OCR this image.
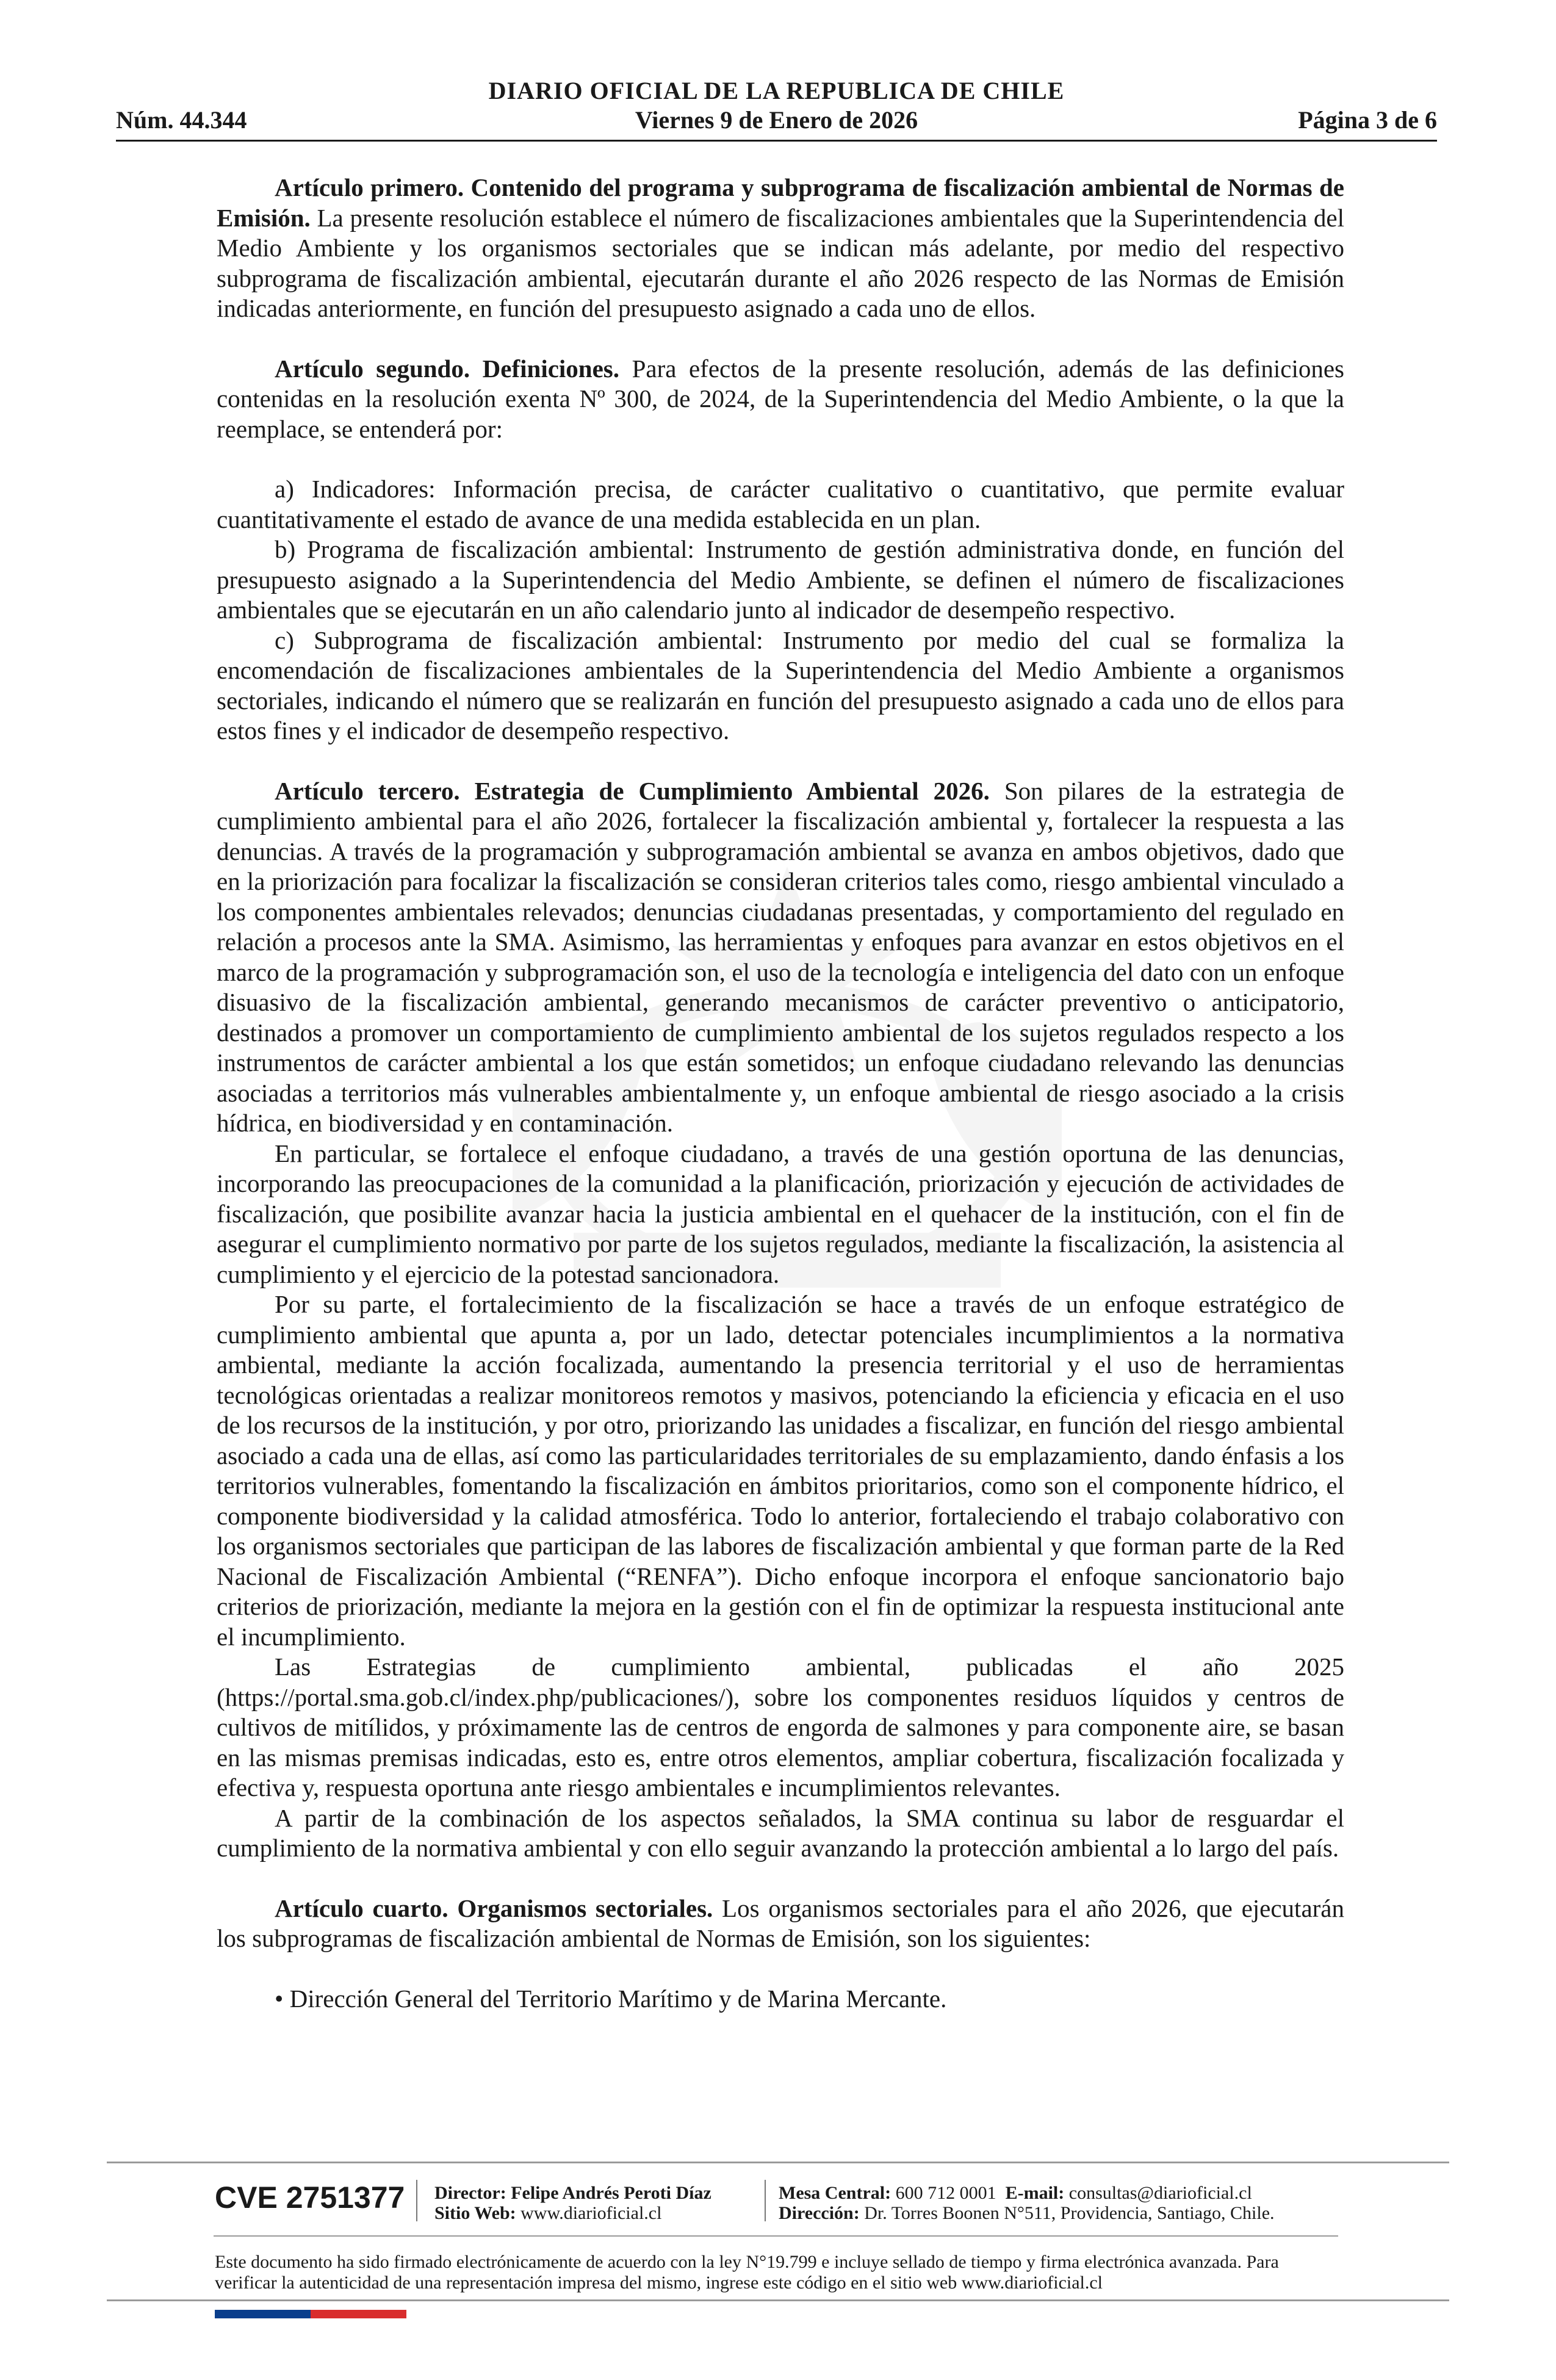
DIARIO OFICIAL DE LA REPUBLICA DE CHILE
Núm. 44.344	Viernes 9 de Enero de 2026	Página 3 de 6

Artículo primero. Contenido del programa y subprograma de fiscalización ambiental de Normas de Emisión. La presente resolución establece el número de fiscalizaciones ambientales que la Superintendencia del Medio Ambiente y los organismos sectoriales que se indican más adelante, por medio del respectivo subprograma de fiscalización ambiental, ejecutarán durante el año 2026 respecto de las Normas de Emisión indicadas anteriormente, en función del presupuesto asignado a cada uno de ellos.

Artículo segundo. Definiciones. Para efectos de la presente resolución, además de las definiciones contenidas en la resolución exenta Nº 300, de 2024, de la Superintendencia del Medio Ambiente, o la que la reemplace, se entenderá por:

a) Indicadores: Información precisa, de carácter cualitativo o cuantitativo, que permite evaluar cuantitativamente el estado de avance de una medida establecida en un plan.

b) Programa de fiscalización ambiental: Instrumento de gestión administrativa donde, en función del presupuesto asignado a la Superintendencia del Medio Ambiente, se definen el número de fiscalizaciones ambientales que se ejecutarán en un año calendario junto al indicador de desempeño respectivo.

c) Subprograma de fiscalización ambiental: Instrumento por medio del cual se formaliza la encomendación de fiscalizaciones ambientales de la Superintendencia del Medio Ambiente a organismos sectoriales, indicando el número que se realizarán en función del presupuesto asignado a cada uno de ellos para estos fines y el indicador de desempeño respectivo.

Artículo tercero. Estrategia de Cumplimiento Ambiental 2026. Son pilares de la estrategia de cumplimiento ambiental para el año 2026, fortalecer la fiscalización ambiental y, fortalecer la respuesta a las denuncias. A través de la programación y subprogramación ambiental se avanza en ambos objetivos, dado que en la priorización para focalizar la fiscalización se consideran criterios tales como, riesgo ambiental vinculado a los componentes ambientales relevados; denuncias ciudadanas presentadas, y comportamiento del regulado en relación a procesos ante la SMA. Asimismo, las herramientas y enfoques para avanzar en estos objetivos en el marco de la programación y subprogramación son, el uso de la tecnología e inteligencia del dato con un enfoque disuasivo de la fiscalización ambiental, generando mecanismos de carácter preventivo o anticipatorio, destinados a promover un comportamiento de cumplimiento ambiental de los sujetos regulados respecto a los instrumentos de carácter ambiental a los que están sometidos; un enfoque ciudadano relevando las denuncias asociadas a territorios más vulnerables ambientalmente y, un enfoque ambiental de riesgo asociado a la crisis hídrica, en biodiversidad y en contaminación.

En particular, se fortalece el enfoque ciudadano, a través de una gestión oportuna de las denuncias, incorporando las preocupaciones de la comunidad a la planificación, priorización y ejecución de actividades de fiscalización, que posibilite avanzar hacia la justicia ambiental en el quehacer de la institución, con el fin de asegurar el cumplimiento normativo por parte de los sujetos regulados, mediante la fiscalización, la asistencia al cumplimiento y el ejercicio de la potestad sancionadora.

Por su parte, el fortalecimiento de la fiscalización se hace a través de un enfoque estratégico de cumplimiento ambiental que apunta a, por un lado, detectar potenciales incumplimientos a la normativa ambiental, mediante la acción focalizada, aumentando la presencia territorial y el uso de herramientas tecnológicas orientadas a realizar monitoreos remotos y masivos, potenciando la eficiencia y eficacia en el uso de los recursos de la institución, y por otro, priorizando las unidades a fiscalizar, en función del riesgo ambiental asociado a cada una de ellas, así como las particularidades territoriales de su emplazamiento, dando énfasis a los territorios vulnerables, fomentando la fiscalización en ámbitos prioritarios, como son el componente hídrico, el componente biodiversidad y la calidad atmosférica. Todo lo anterior, fortaleciendo el trabajo colaborativo con los organismos sectoriales que participan de las labores de fiscalización ambiental y que forman parte de la Red Nacional de Fiscalización Ambiental (“RENFA”). Dicho enfoque incorpora el enfoque sancionatorio bajo criterios de priorización, mediante la mejora en la gestión con el fin de optimizar la respuesta institucional ante el incumplimiento.

Las Estrategias de cumplimiento ambiental, publicadas el año 2025 (https://portal.sma.gob.cl/index.php/publicaciones/), sobre los componentes residuos líquidos y centros de cultivos de mitílidos, y próximamente las de centros de engorda de salmones y para componente aire, se basan en las mismas premisas indicadas, esto es, entre otros elementos, ampliar cobertura, fiscalización focalizada y efectiva y, respuesta oportuna ante riesgo ambientales e incumplimientos relevantes.

A partir de la combinación de los aspectos señalados, la SMA continua su labor de resguardar el cumplimiento de la normativa ambiental y con ello seguir avanzando la protección ambiental a lo largo del país.

Artículo cuarto. Organismos sectoriales. Los organismos sectoriales para el año 2026, que ejecutarán los subprogramas de fiscalización ambiental de Normas de Emisión, son los siguientes:

• Dirección General del Territorio Marítimo y de Marina Mercante.

CVE 2751377 Director: Felipe Andrés Peroti Díaz
Sitio Web: www.diarioficial.cl
Mesa Central: 600 712 0001 E-mail: consultas@diarioficial.cl
Dirección: Dr. Torres Boonen N°511, Providencia, Santiago, Chile.
Este documento ha sido firmado electrónicamente de acuerdo con la ley N°19.799 e incluye sellado de tiempo y firma electrónica avanzada. Para verificar la autenticidad de una representación impresa del mismo, ingrese este código en el sitio web www.diarioficial.cl
